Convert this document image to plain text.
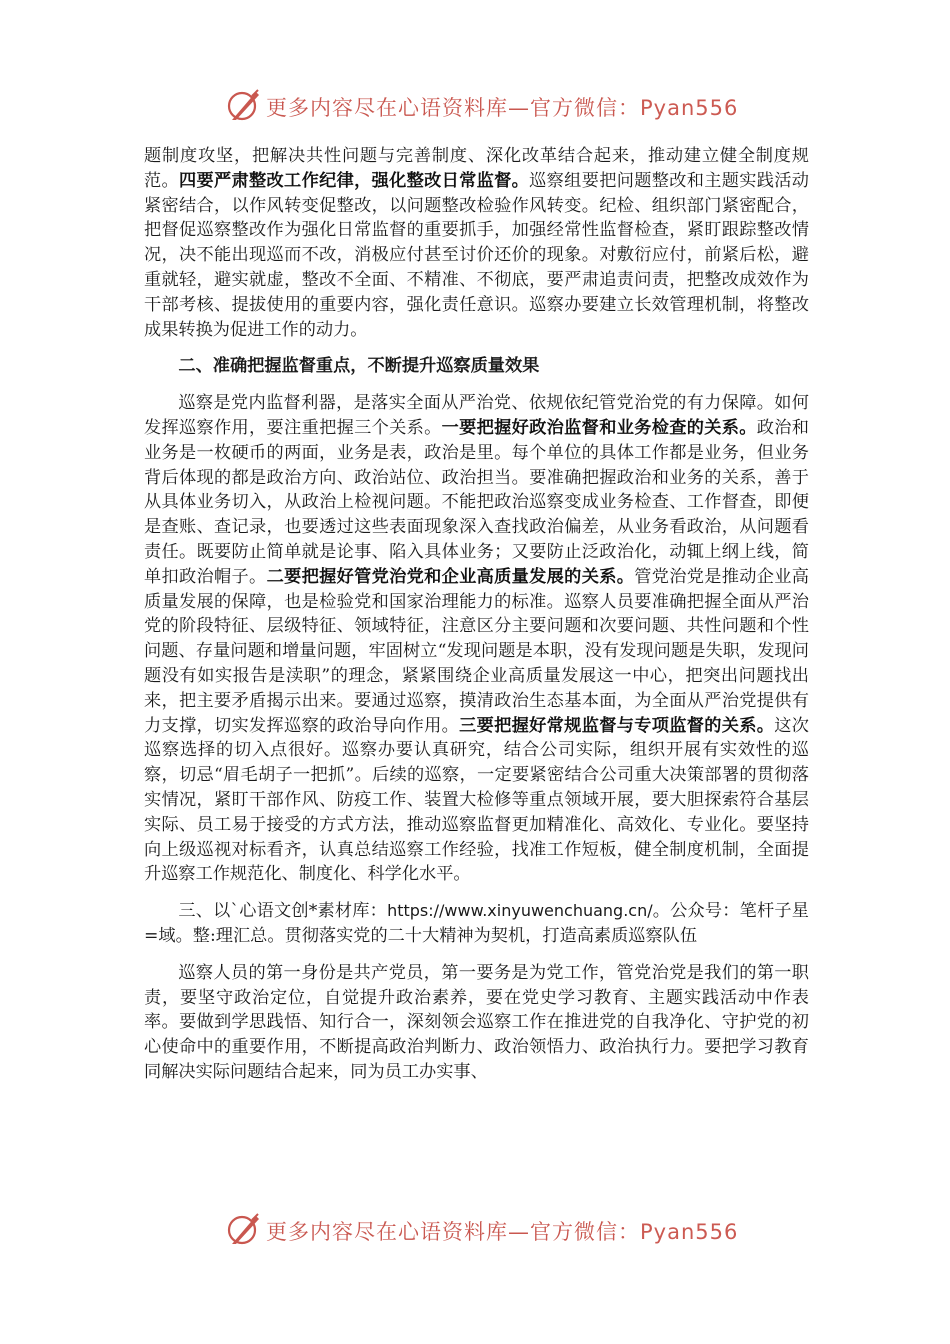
更多内容尽在心语资料库—官方微信：Pyan556

题制度攻坚，把解决共性问题与完善制度、深化改革结合起来，推动建立健全制度规范。四要严肃整改工作纪律，强化整改日常监督。巡察组要把问题整改和主题实践活动紧密结合，以作风转变促整改，以问题整改检验作风转变。纪检、组织部门紧密配合，把督促巡察整改作为强化日常监督的重要抓手，加强经常性监督检查，紧盯跟踪整改情况，决不能出现巡而不改，消极应付甚至讨价还价的现象。对敷衍应付，前紧后松，避重就轻，避实就虚，整改不全面、不精准、不彻底，要严肃追责问责，把整改成效作为干部考核、提拔使用的重要内容，强化责任意识。巡察办要建立长效管理机制，将整改成果转换为促进工作的动力。

二、准确把握监督重点，不断提升巡察质量效果

巡察是党内监督利器，是落实全面从严治党、依规依纪管党治党的有力保障。如何发挥巡察作用，要注重把握三个关系。一要把握好政治监督和业务检查的关系。政治和业务是一枚硬币的两面，业务是表，政治是里。每个单位的具体工作都是业务，但业务背后体现的都是政治方向、政治站位、政治担当。要准确把握政治和业务的关系，善于从具体业务切入，从政治上检视问题。不能把政治巡察变成业务检查、工作督查，即便是查账、查记录，也要透过这些表面现象深入查找政治偏差，从业务看政治，从问题看责任。既要防止简单就是论事、陷入具体业务；又要防止泛政治化，动辄上纲上线，简单扣政治帽子。二要把握好管党治党和企业高质量发展的关系。管党治党是推动企业高质量发展的保障，也是检验党和国家治理能力的标准。巡察人员要准确把握全面从严治党的阶段特征、层级特征、领域特征，注意区分主要问题和次要问题、共性问题和个性问题、存量问题和增量问题，牢固树立“发现问题是本职，没有发现问题是失职，发现问题没有如实报告是渎职”的理念，紧紧围绕企业高质量发展这一中心，把突出问题找出来，把主要矛盾揭示出来。要通过巡察，摸清政治生态基本面，为全面从严治党提供有力支撑，切实发挥巡察的政治导向作用。三要把握好常规监督与专项监督的关系。这次巡察选择的切入点很好。巡察办要认真研究，结合公司实际，组织开展有实效性的巡察，切忌“眉毛胡子一把抓”。后续的巡察，一定要紧密结合公司重大决策部署的贯彻落实情况，紧盯干部作风、防疫工作、装置大检修等重点领域开展，要大胆探索符合基层实际、员工易于接受的方式方法，推动巡察监督更加精准化、高效化、专业化。要坚持向上级巡视对标看齐，认真总结巡察工作经验，找准工作短板，健全制度机制，全面提升巡察工作规范化、制度化、科学化水平。

三、以`心语文创*素材库：https://www.xinyuwenchuang.cn/。公众号：笔杆子星=域。整:理汇总。贯彻落实党的二十大精神为契机，打造高素质巡察队伍

巡察人员的第一身份是共产党员，第一要务是为党工作，管党治党是我们的第一职责，要坚守政治定位，自觉提升政治素养，要在党史学习教育、主题实践活动中作表率。要做到学思践悟、知行合一，深刻领会巡察工作在推进党的自我净化、守护党的初心使命中的重要作用，不断提高政治判断力、政治领悟力、政治执行力。要把学习教育同解决实际问题结合起来，同为员工办实事、

更多内容尽在心语资料库—官方微信：Pyan556
